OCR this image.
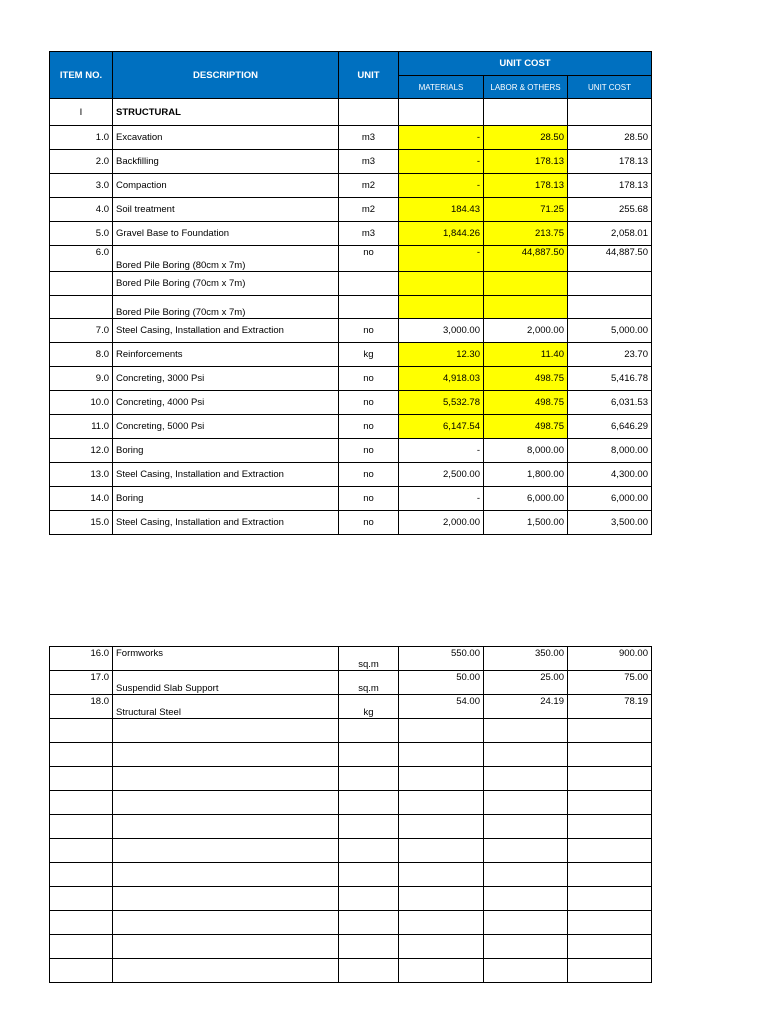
ITEM NO.	DESCRIPTION	UNIT	UNIT COST		
			MATERIALS	LABOR & OTHERS	UNIT COST
I	STRUCTURAL				
1.0	Excavation	m3	-	28.50	28.50
2.0	Backfilling	m3	-	178.13	178.13
3.0	Compaction	m2	-	178.13	178.13
4.0	Soil treatment	m2	184.43	71.25	255.68
5.0	Gravel Base to Foundation	m3	1,844.26	213.75	2,058.01
6.0	Bored Pile Boring (80cm x 7m)	no	-	44,887.50	44,887.50
	Bored Pile Boring (70cm x 7m)				
	Bored Pile Boring (70cm x 7m)				
7.0	Steel Casing, Installation and Extraction	no	3,000.00	2,000.00	5,000.00
8.0	Reinforcements	kg	12.30	11.40	23.70
9.0	Concreting, 3000 Psi	no	4,918.03	498.75	5,416.78
10.0	Concreting, 4000 Psi	no	5,532.78	498.75	6,031.53
11.0	Concreting, 5000 Psi	no	6,147.54	498.75	6,646.29
12.0	Boring	no	-	8,000.00	8,000.00
13.0	Steel Casing, Installation and Extraction	no	2,500.00	1,800.00	4,300.00
14.0	Boring	no	-	6,000.00	6,000.00
15.0	Steel Casing, Installation and Extraction	no	2,000.00	1,500.00	3,500.00
16.0	Formworks	sq.m	550.00	350.00	900.00
17.0	Suspendid Slab Support	sq.m	50.00	25.00	75.00
18.0	Structural Steel	kg	54.00	24.19	78.19
